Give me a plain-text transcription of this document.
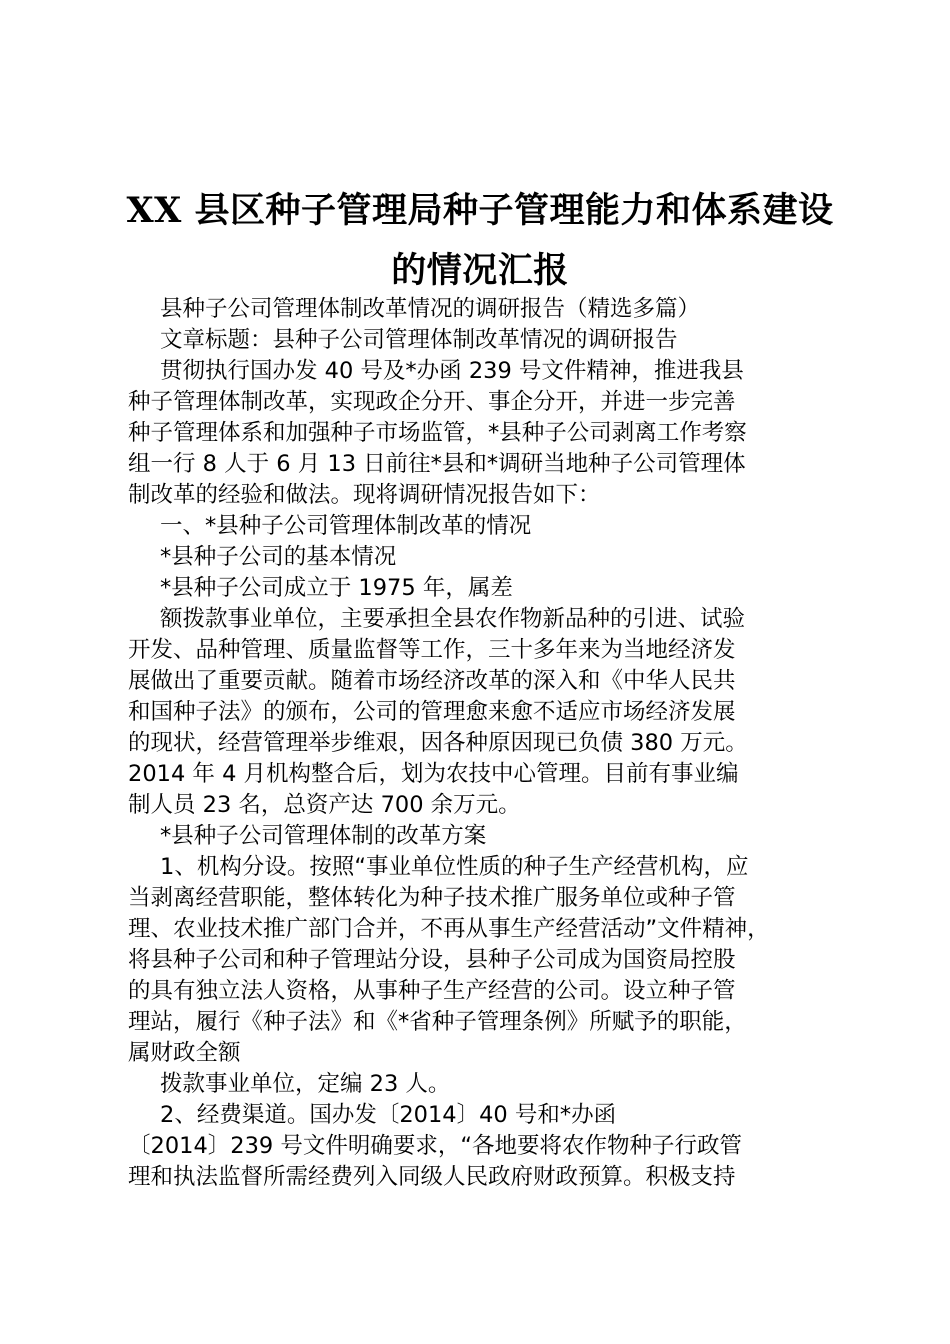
XX 县区种子管理局种子管理能力和体系建设
的情况汇报
县种子公司管理体制改革情况的调研报告（精选多篇）
文章标题：县种子公司管理体制改革情况的调研报告
贯彻执行国办发 40 号及*办函 239 号文件精神，推进我县
种子管理体制改革，实现政企分开、事企分开，并进一步完善
种子管理体系和加强种子市场监管，*县种子公司剥离工作考察
组一行 8 人于 6 月 13 日前往*县和*调研当地种子公司管理体
制改革的经验和做法。现将调研情况报告如下：
一、*县种子公司管理体制改革的情况
*县种子公司的基本情况
*县种子公司成立于 1975 年，属差
额拨款事业单位，主要承担全县农作物新品种的引进、试验
开发、品种管理、质量监督等工作，三十多年来为当地经济发
展做出了重要贡献。随着市场经济改革的深入和《中华人民共
和国种子法》的颁布，公司的管理愈来愈不适应市场经济发展
的现状，经营管理举步维艰，因各种原因现已负债 380 万元。
2014 年 4 月机构整合后，划为农技中心管理。目前有事业编
制人员 23 名，总资产达 700 余万元。
*县种子公司管理体制的改革方案
1、机构分设。按照“事业单位性质的种子生产经营机构，应
当剥离经营职能，整体转化为种子技术推广服务单位或种子管
理、农业技术推广部门合并，不再从事生产经营活动”文件精神，
将县种子公司和种子管理站分设，县种子公司成为国资局控股
的具有独立法人资格，从事种子生产经营的公司。设立种子管
理站，履行《种子法》和《*省种子管理条例》所赋予的职能，
属财政全额
拨款事业单位，定编 23 人。
2、经费渠道。国办发〔2014〕40 号和*办函
〔2014〕239 号文件明确要求，“各地要将农作物种子行政管
理和执法监督所需经费列入同级人民政府财政预算。积极支持
